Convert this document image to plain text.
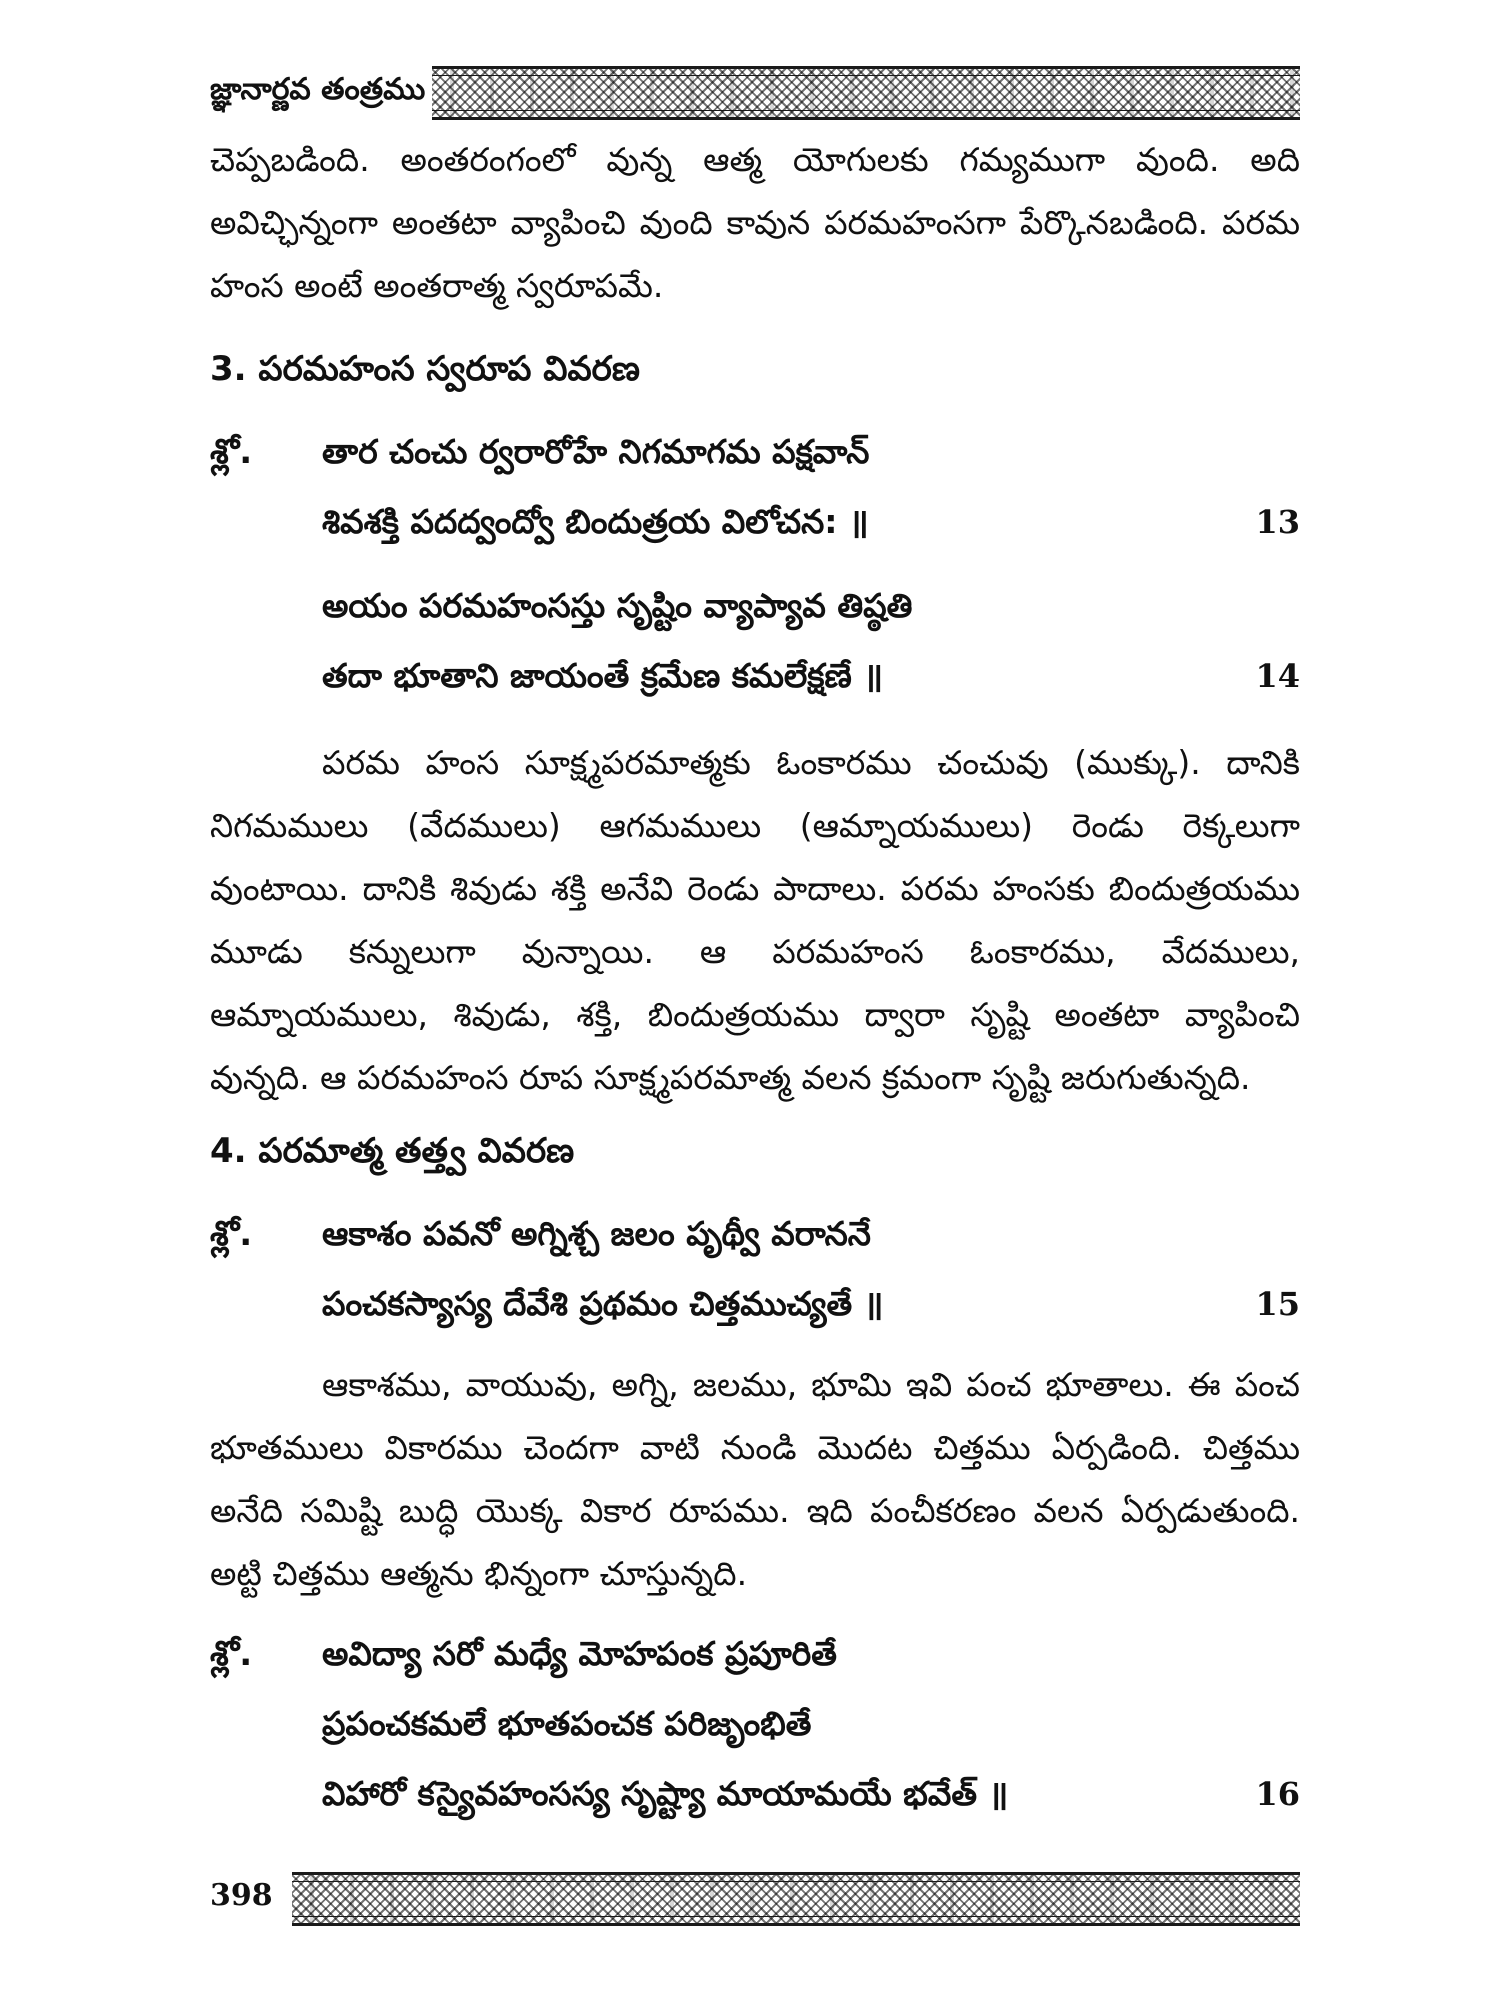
జ్ఞానార్ణవ తంత్రము

చెప్పబడింది. అంతరంగంలో వున్న ఆత్మ యోగులకు గమ్యముగా వుంది. అది అవిచ్ఛిన్నంగా అంతటా వ్యాపించి వుంది కావున పరమహంసగా పేర్కొనబడింది. పరమ హంస అంటే అంతరాత్మ స్వరూపమే.

3. పరమహంస స్వరూప వివరణ
శ్లో. తార చంచు ర్వరారోహే నిగమాగమ పక్షవాన్
శివశక్తి పదద్వంద్వో బిందుత్రయ విలోచన: ॥	13
అయం పరమహంసస్తు సృష్టిం వ్యాప్యావ తిష్ఠతి
తదా భూతాని జాయంతే క్రమేణ కమలేక్షణే ॥	14

పరమ హంస సూక్ష్మపరమాత్మకు ఓంకారము చంచువు (ముక్కు). దానికి నిగమములు (వేదములు) ఆగమములు (ఆమ్నాయములు) రెండు రెక్కలుగా వుంటాయి. దానికి శివుడు శక్తి అనేవి రెండు పాదాలు. పరమ హంసకు బిందుత్రయము మూడు కన్నులుగా వున్నాయి. ఆ పరమహంస ఓంకారము, వేదములు, ఆమ్నాయములు, శివుడు, శక్తి, బిందుత్రయము ద్వారా సృష్టి అంతటా వ్యాపించి వున్నది. ఆ పరమహంస రూప సూక్ష్మపరమాత్మ వలన క్రమంగా సృష్టి జరుగుతున్నది.

4. పరమాత్మ తత్త్వ వివరణ
శ్లో. ఆకాశం పవనో అగ్నిశ్చ జలం పృథ్వీ వరాననే
పంచకస్యాస్య దేవేశి ప్రథమం చిత్తముచ్యతే ॥	15

ఆకాశము, వాయువు, అగ్ని, జలము, భూమి ఇవి పంచ భూతాలు. ఈ పంచ భూతములు వికారము చెందగా వాటి నుండి మొదట చిత్తము ఏర్పడింది. చిత్తము అనేది సమిష్టి బుద్ధి యొక్క వికార రూపము. ఇది పంచీకరణం వలన ఏర్పడుతుంది. అట్టి చిత్తము ఆత్మను భిన్నంగా చూస్తున్నది.

శ్లో. అవిద్యా సరో మధ్యే మోహపంక ప్రపూరితే
ప్రపంచకమలే భూతపంచక పరిజృంభితే
విహారో కస్యైవహంసస్య సృష్ట్యా మాయామయే భవేత్ ॥	16
398
